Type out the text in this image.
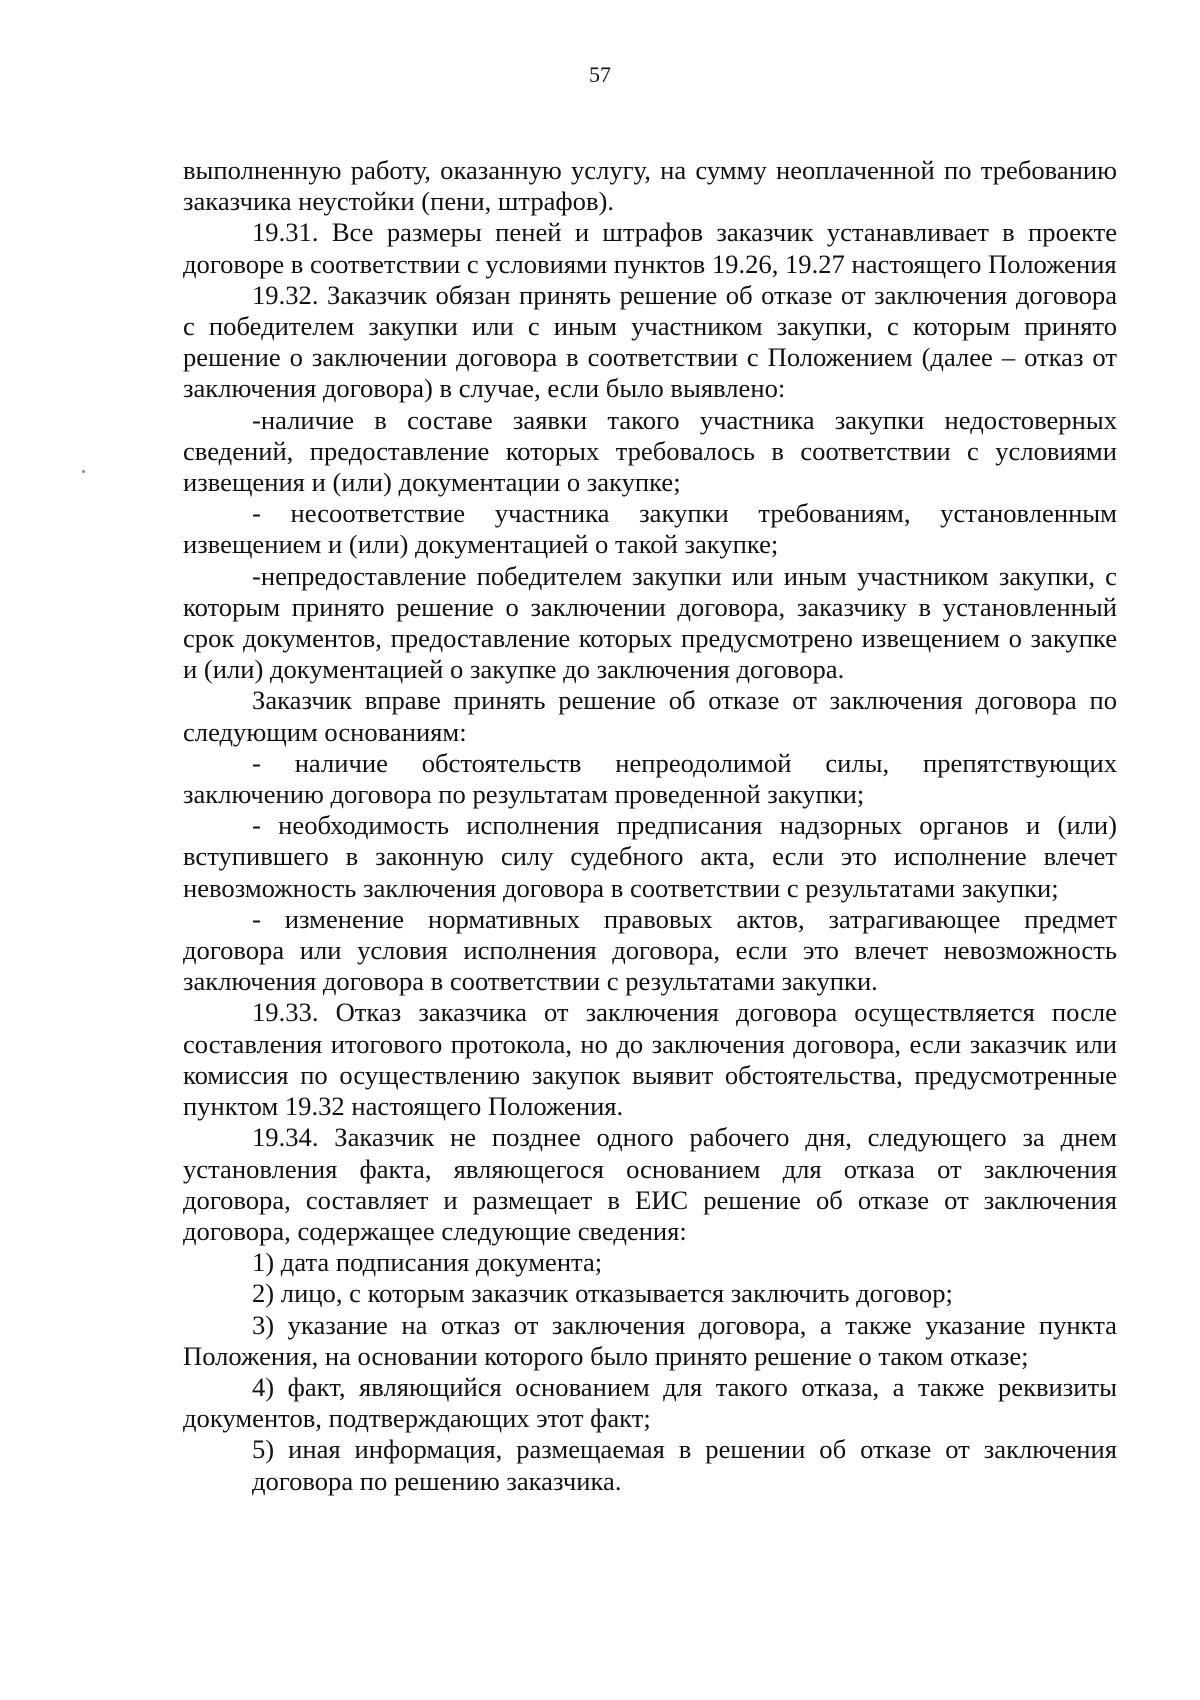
57

выполненную работу, оказанную услугу, на сумму неоплаченной по требованию заказчика неустойки (пени, штрафов).

19.31. Все размеры пеней и штрафов заказчик устанавливает в проекте договоре в соответствии с условиями пунктов 19.26, 19.27 настоящего Положения

19.32. Заказчик обязан принять решение об отказе от заключения договора с победителем закупки или с иным участником закупки, с которым принято решение о заключении договора в соответствии с Положением (далее – отказ от заключения договора) в случае, если было выявлено:

-наличие в составе заявки такого участника закупки недостоверных сведений, предоставление которых требовалось в соответствии с условиями извещения и (или) документации о закупке;

- несоответствие участника закупки требованиям, установленным извещением и (или) документацией о такой закупке;

-непредоставление победителем закупки или иным участником закупки, с которым принято решение о заключении договора, заказчику в установленный срок документов, предоставление которых предусмотрено извещением о закупке и (или) документацией о закупке до заключения договора.

Заказчик вправе принять решение об отказе от заключения договора по следующим основаниям:

- наличие обстоятельств непреодолимой силы, препятствующих заключению договора по результатам проведенной закупки;

- необходимость исполнения предписания надзорных органов и (или) вступившего в законную силу судебного акта, если это исполнение влечет невозможность заключения договора в соответствии с результатами закупки;

- изменение нормативных правовых актов, затрагивающее предмет договора или условия исполнения договора, если это влечет невозможность заключения договора в соответствии с результатами закупки.

19.33. Отказ заказчика от заключения договора осуществляется после составления итогового протокола, но до заключения договора, если заказчик или комиссия по осуществлению закупок выявит обстоятельства, предусмотренные пунктом 19.32 настоящего Положения.

19.34. Заказчик не позднее одного рабочего дня, следующего за днем установления факта, являющегося основанием для отказа от заключения договора, составляет и размещает в ЕИС решение об отказе от заключения договора, содержащее следующие сведения:

1) дата подписания документа;

2) лицо, с которым заказчик отказывается заключить договор;

3) указание на отказ от заключения договора, а также указание пункта Положения, на основании которого было принято решение о таком отказе;

4) факт, являющийся основанием для такого отказа, а также реквизиты документов, подтверждающих этот факт;

5) иная информация, размещаемая в решении об отказе от заключения договора по решению заказчика.
